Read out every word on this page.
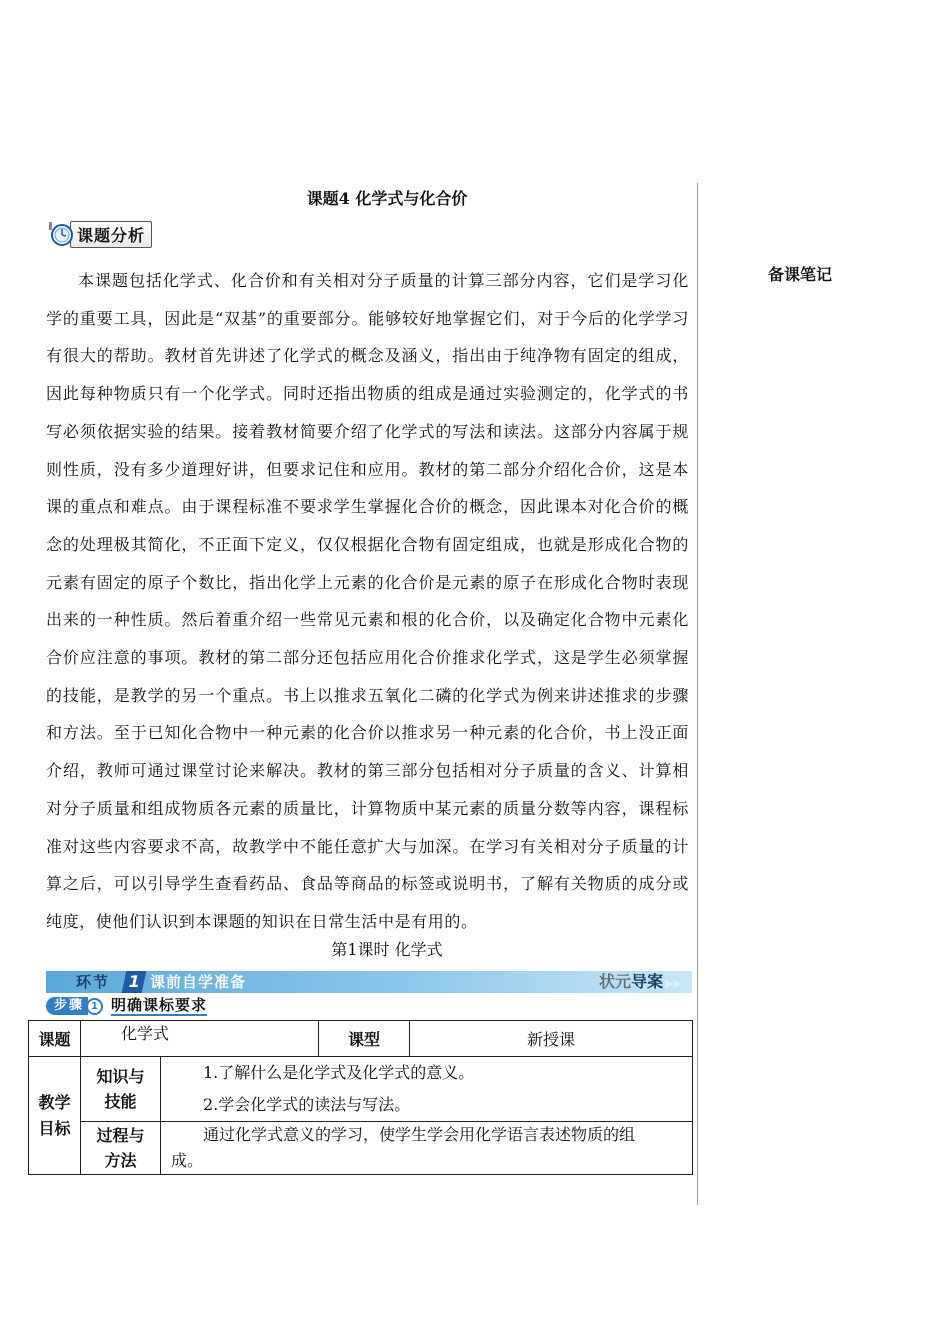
备课笔记
课题4 化学式与化合价
课题分析

本课题包括化学式、化合价和有关相对分子质量的计算三部分内容，它们是学习化学的重要工具，因此是“双基”的重要部分。能够较好地掌握它们，对于今后的化学学习有很大的帮助。教材首先讲述了化学式的概念及涵义，指出由于纯净物有固定的组成，因此每种物质只有一个化学式。同时还指出物质的组成是通过实验测定的，化学式的书写必须依据实验的结果。接着教材简要介绍了化学式的写法和读法。这部分内容属于规则性质，没有多少道理好讲，但要求记住和应用。教材的第二部分介绍化合价，这是本课的重点和难点。由于课程标准不要求学生掌握化合价的概念，因此课本对化合价的概念的处理极其简化，不正面下定义，仅仅根据化合物有固定组成，也就是形成化合物的元素有固定的原子个数比，指出化学上元素的化合价是元素的原子在形成化合物时表现出来的一种性质。然后着重介绍一些常见元素和根的化合价，以及确定化合物中元素化合价应注意的事项。教材的第二部分还包括应用化合价推求化学式，这是学生必须掌握的技能，是教学的另一个重点。书上以推求五氧化二磷的化学式为例来讲述推求的步骤和方法。至于已知化合物中一种元素的化合价以推求另一种元素的化合价，书上没正面介绍，教师可通过课堂讨论来解决。教材的第三部分包括相对分子质量的含义、计算相对分子质量和组成物质各元素的质量比，计算物质中某元素的质量分数等内容，课程标准对这些内容要求不高，故教学中不能任意扩大与加深。在学习有关相对分子质量的计算之后，可以引导学生查看药品、食品等商品的标签或说明书，了解有关物质的成分或纯度，使他们认识到本课题的知识在日常生活中是有用的。

第1课时 化学式
环节	1 课前自学准备	状元导案 ▶▶
步骤 1 明确课标要求
课题	化学式		课型	新授课
教学目标	知识与技能	1.了解什么是化学式及化学式的意义。
2.学会化学式的读法与写法。		

	过程与方法	通过化学式意义的学习，使学生学会用化学语言表述物质的组成。		
